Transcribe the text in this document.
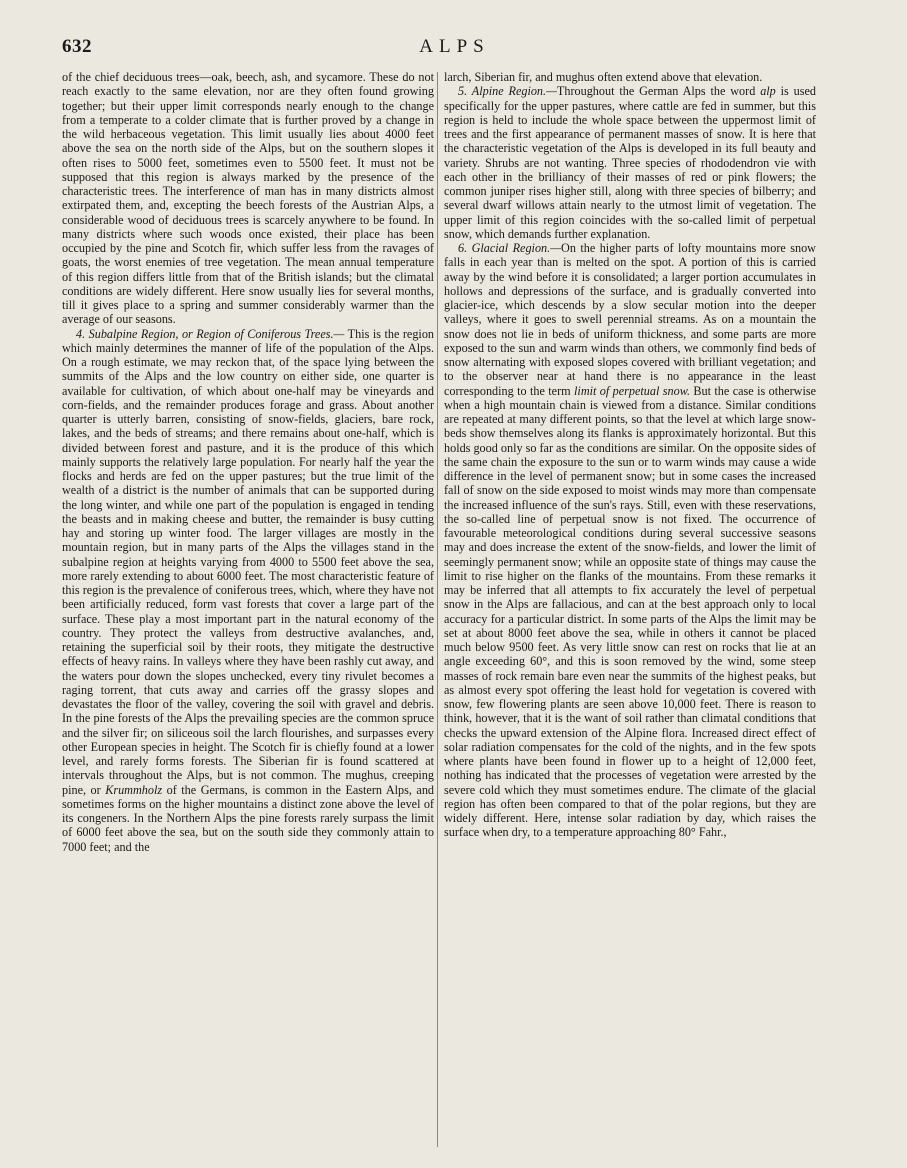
632	ALPS

of the chief deciduous trees—oak, beech, ash, and sycamore. These do not reach exactly to the same elevation, nor are they often found growing together; but their upper limit corresponds nearly enough to the change from a temperate to a colder climate that is further proved by a change in the wild herbaceous vegetation. This limit usually lies about 4000 feet above the sea on the north side of the Alps, but on the southern slopes it often rises to 5000 feet, sometimes even to 5500 feet. It must not be supposed that this region is always marked by the presence of the characteristic trees. The interference of man has in many districts almost extirpated them, and, excepting the beech forests of the Austrian Alps, a considerable wood of deciduous trees is scarcely anywhere to be found. In many districts where such woods once existed, their place has been occupied by the pine and Scotch fir, which suffer less from the ravages of goats, the worst enemies of tree vegetation. The mean annual temperature of this region differs little from that of the British islands; but the climatal conditions are widely different. Here snow usually lies for several months, till it gives place to a spring and summer considerably warmer than the average of our seasons.

4. Subalpine Region, or Region of Coniferous Trees.— This is the region which mainly determines the manner of life of the population of the Alps. On a rough estimate, we may reckon that, of the space lying between the summits of the Alps and the low country on either side, one quarter is available for cultivation, of which about one-half may be vineyards and corn-fields, and the remainder produces forage and grass. About another quarter is utterly barren, consisting of snow-fields, glaciers, bare rock, lakes, and the beds of streams; and there remains about one-half, which is divided between forest and pasture, and it is the produce of this which mainly supports the relatively large population. For nearly half the year the flocks and herds are fed on the upper pastures; but the true limit of the wealth of a district is the number of animals that can be supported during the long winter, and while one part of the population is engaged in tending the beasts and in making cheese and butter, the remainder is busy cutting hay and storing up winter food. The larger villages are mostly in the mountain region, but in many parts of the Alps the villages stand in the subalpine region at heights varying from 4000 to 5500 feet above the sea, more rarely extending to about 6000 feet. The most characteristic feature of this region is the prevalence of coniferous trees, which, where they have not been artificially reduced, form vast forests that cover a large part of the surface. These play a most important part in the natural economy of the country. They protect the valleys from destructive avalanches, and, retaining the superficial soil by their roots, they mitigate the destructive effects of heavy rains. In valleys where they have been rashly cut away, and the waters pour down the slopes unchecked, every tiny rivulet becomes a raging torrent, that cuts away and carries off the grassy slopes and devastates the floor of the valley, covering the soil with gravel and debris. In the pine forests of the Alps the prevailing species are the common spruce and the silver fir; on siliceous soil the larch flourishes, and surpasses every other European species in height. The Scotch fir is chiefly found at a lower level, and rarely forms forests. The Siberian fir is found scattered at intervals throughout the Alps, but is not common. The mughus, creeping pine, or Krummholz of the Germans, is common in the Eastern Alps, and sometimes forms on the higher mountains a distinct zone above the level of its congeners. In the Northern Alps the pine forests rarely surpass the limit of 6000 feet above the sea, but on the south side they commonly attain to 7000 feet; and the

larch, Siberian fir, and mughus often extend above that elevation.

5. Alpine Region.—Throughout the German Alps the word alp is used specifically for the upper pastures, where cattle are fed in summer, but this region is held to include the whole space between the uppermost limit of trees and the first appearance of permanent masses of snow. It is here that the characteristic vegetation of the Alps is developed in its full beauty and variety. Shrubs are not wanting. Three species of rhododendron vie with each other in the brilliancy of their masses of red or pink flowers; the common juniper rises higher still, along with three species of bilberry; and several dwarf willows attain nearly to the utmost limit of vegetation. The upper limit of this region coincides with the so-called limit of perpetual snow, which demands further explanation.

6. Glacial Region.—On the higher parts of lofty mountains more snow falls in each year than is melted on the spot. A portion of this is carried away by the wind before it is consolidated; a larger portion accumulates in hollows and depressions of the surface, and is gradually converted into glacier-ice, which descends by a slow secular motion into the deeper valleys, where it goes to swell perennial streams. As on a mountain the snow does not lie in beds of uniform thickness, and some parts are more exposed to the sun and warm winds than others, we commonly find beds of snow alternating with exposed slopes covered with brilliant vegetation; and to the observer near at hand there is no appearance in the least corresponding to the term limit of perpetual snow. But the case is otherwise when a high mountain chain is viewed from a distance. Similar conditions are repeated at many different points, so that the level at which large snow-beds show themselves along its flanks is approximately horizontal. But this holds good only so far as the conditions are similar. On the opposite sides of the same chain the exposure to the sun or to warm winds may cause a wide difference in the level of permanent snow; but in some cases the increased fall of snow on the side exposed to moist winds may more than compensate the increased influence of the sun's rays. Still, even with these reservations, the so-called line of perpetual snow is not fixed. The occurrence of favourable meteorological conditions during several successive seasons may and does increase the extent of the snow-fields, and lower the limit of seemingly permanent snow; while an opposite state of things may cause the limit to rise higher on the flanks of the mountains. From these remarks it may be inferred that all attempts to fix accurately the level of perpetual snow in the Alps are fallacious, and can at the best approach only to local accuracy for a particular district. In some parts of the Alps the limit may be set at about 8000 feet above the sea, while in others it cannot be placed much below 9500 feet. As very little snow can rest on rocks that lie at an angle exceeding 60°, and this is soon removed by the wind, some steep masses of rock remain bare even near the summits of the highest peaks, but as almost every spot offering the least hold for vegetation is covered with snow, few flowering plants are seen above 10,000 feet. There is reason to think, however, that it is the want of soil rather than climatal conditions that checks the upward extension of the Alpine flora. Increased direct effect of solar radiation compensates for the cold of the nights, and in the few spots where plants have been found in flower up to a height of 12,000 feet, nothing has indicated that the processes of vegetation were arrested by the severe cold which they must sometimes endure. The climate of the glacial region has often been compared to that of the polar regions, but they are widely different. Here, intense solar radiation by day, which raises the surface when dry, to a temperature approaching 80° Fahr.,
